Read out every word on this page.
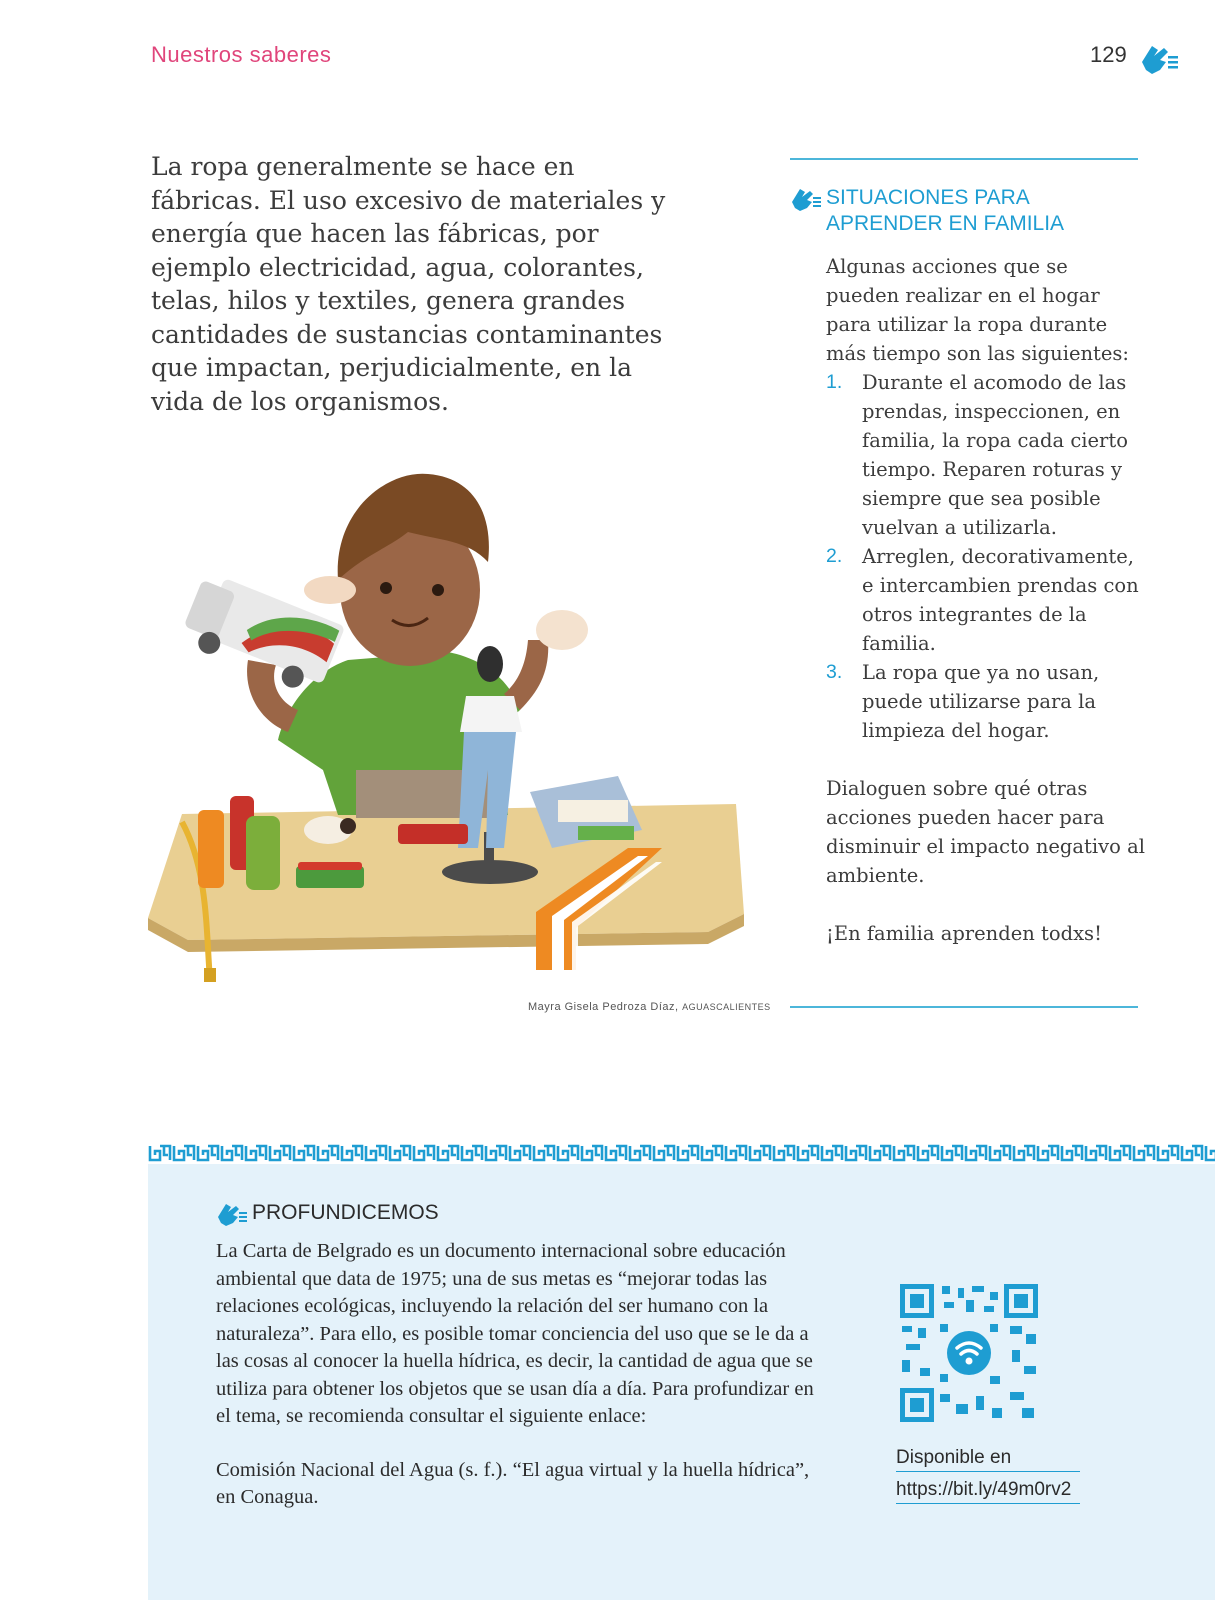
Nuestros saberes	129

La ropa generalmente se hace en fábricas. El uso excesivo de materiales y energía que hacen las fábricas, por ejemplo electricidad, agua, colorantes, telas, hilos y textiles, genera grandes cantidades de sustancias contaminantes que impactan, perjudicialmente, en la vida de los organismos.

Mayra Gisela Pedroza Díaz, AGUASCALIENTES
SITUACIONES PARA
APRENDER EN FAMILIA

Algunas acciones que se pueden realizar en el hogar para utilizar la ropa durante más tiempo son las siguientes:

1. Durante el acomodo de las prendas, inspeccionen, en familia, la ropa cada cierto tiempo. Reparen roturas y siempre que sea posible vuelvan a utilizarla.
2. Arreglen, decorativamente, e intercambien prendas con otros integrantes de la familia.
3. La ropa que ya no usan, puede utilizarse para la limpieza del hogar.

Dialoguen sobre qué otras acciones pueden hacer para disminuir el impacto negativo al ambiente.

¡En familia aprenden todxs!

PROFUNDICEMOS

La Carta de Belgrado es un documento internacional sobre educación ambiental que data de 1975; una de sus metas es “mejorar todas las relaciones ecológicas, incluyendo la relación del ser humano con la naturaleza”. Para ello, es posible tomar conciencia del uso que se le da a las cosas al conocer la huella hídrica, es decir, la cantidad de agua que se utiliza para obtener los objetos que se usan día a día. Para profundizar en el tema, se recomienda consultar el siguiente enlace:

Comisión Nacional del Agua (s. f.). “El agua virtual y la huella hídrica”, en Conagua.

Disponible en
https://bit.ly/49m0rv2
